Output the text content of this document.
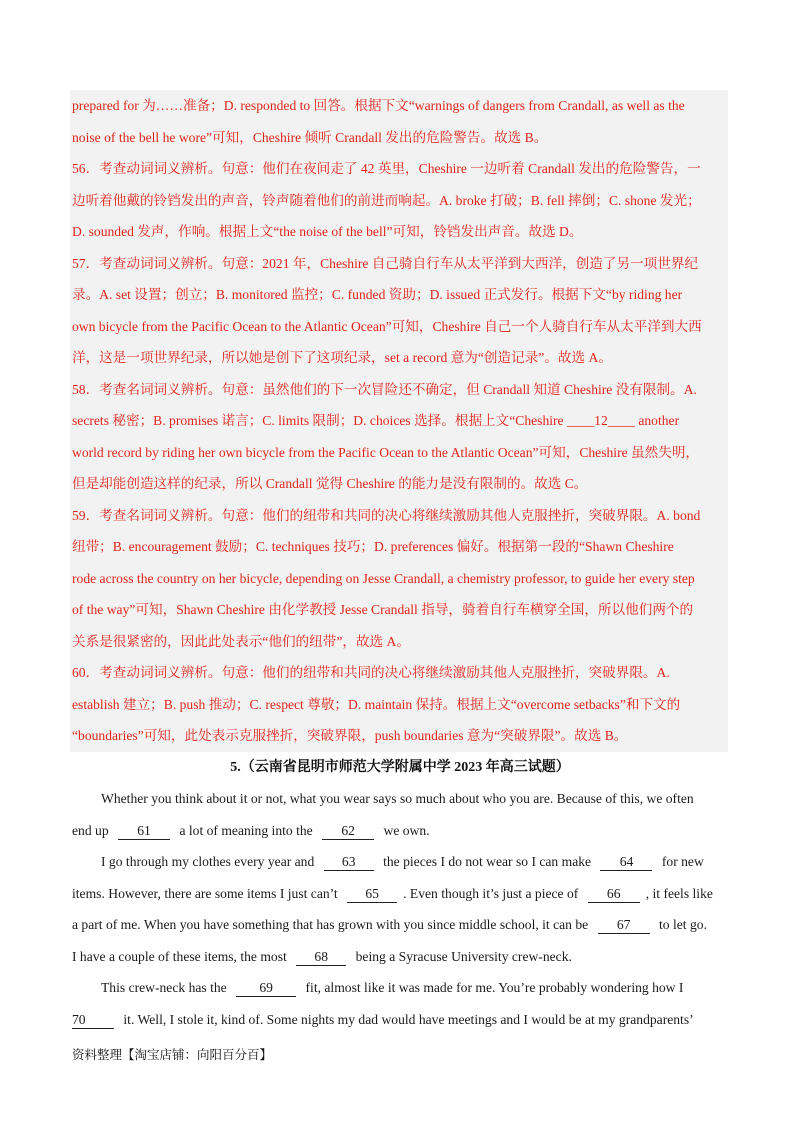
prepared for 为……准备；D. responded to 回答。根据下文“warnings of dangers from Crandall, as well as the
noise of the bell he wore”可知，Cheshire 倾听 Crandall 发出的危险警告。故选 B。
56．考查动词词义辨析。句意：他们在夜间走了 42 英里，Cheshire 一边听着 Crandall 发出的危险警告，一
边听着他戴的铃铛发出的声音，铃声随着他们的前进而响起。A. broke 打破；B. fell 摔倒；C. shone 发光；
D. sounded 发声，作响。根据上文“the noise of the bell”可知，铃铛发出声音。故选 D。
57．考查动词词义辨析。句意：2021 年，Cheshire 自己骑自行车从太平洋到大西洋，创造了另一项世界纪
录。A. set 设置；创立；B. monitored 监控；C. funded 资助；D. issued 正式发行。根据下文“by riding her
own bicycle from the Pacific Ocean to the Atlantic Ocean”可知，Cheshire 自己一个人骑自行车从太平洋到大西
洋，这是一项世界纪录，所以她是创下了这项纪录，set a record 意为“创造记录”。故选 A。
58．考查名词词义辨析。句意：虽然他们的下一次冒险还不确定，但 Crandall 知道 Cheshire 没有限制。A.
secrets 秘密；B. promises 诺言；C. limits 限制；D. choices 选择。根据上文“Cheshire ____12____ another
world record by riding her own bicycle from the Pacific Ocean to the Atlantic Ocean”可知，Cheshire 虽然失明，
但是却能创造这样的纪录，所以 Crandall 觉得 Cheshire 的能力是没有限制的。故选 C。
59．考查名词词义辨析。句意：他们的纽带和共同的决心将继续激励其他人克服挫折，突破界限。A. bond
纽带；B. encouragement 鼓励；C. techniques 技巧；D. preferences 偏好。根据第一段的“Shawn Cheshire
rode across the country on her bicycle, depending on Jesse Crandall, a chemistry professor, to guide her every step
of the way”可知，Shawn Cheshire 由化学教授 Jesse Crandall 指导，骑着自行车横穿全国，所以他们两个的
关系是很紧密的，因此此处表示“他们的纽带”，故选 A。
60．考查动词词义辨析。句意：他们的纽带和共同的决心将继续激励其他人克服挫折，突破界限。A.
establish 建立；B. push 推动；C. respect 尊敬；D. maintain 保持。根据上文“overcome setbacks”和下文的
“boundaries”可知，此处表示克服挫折，突破界限，push boundaries 意为“突破界限”。故选 B。
5.（云南省昆明市师范大学附属中学 2023 年高三试题）
Whether you think about it or not, what you wear says so much about who you are. Because of this, we often
end up 61 a lot of meaning into the 62 we own.
I go through my clothes every year and 63 the pieces I do not wear so I can make 64 for new
items. However, there are some items I just can’t 65 . Even though it’s just a piece of 66 , it feels like
a part of me. When you have something that has grown with you since middle school, it can be 67 to let go.
I have a couple of these items, the most 68 being a Syracuse University crew-neck.
This crew-neck has the 69 fit, almost like it was made for me. You’re probably wondering how I
70	it. Well, I stole it, kind of. Some nights my dad would have meetings and I would be at my grandparents’
资料整理【淘宝店铺：向阳百分百】
